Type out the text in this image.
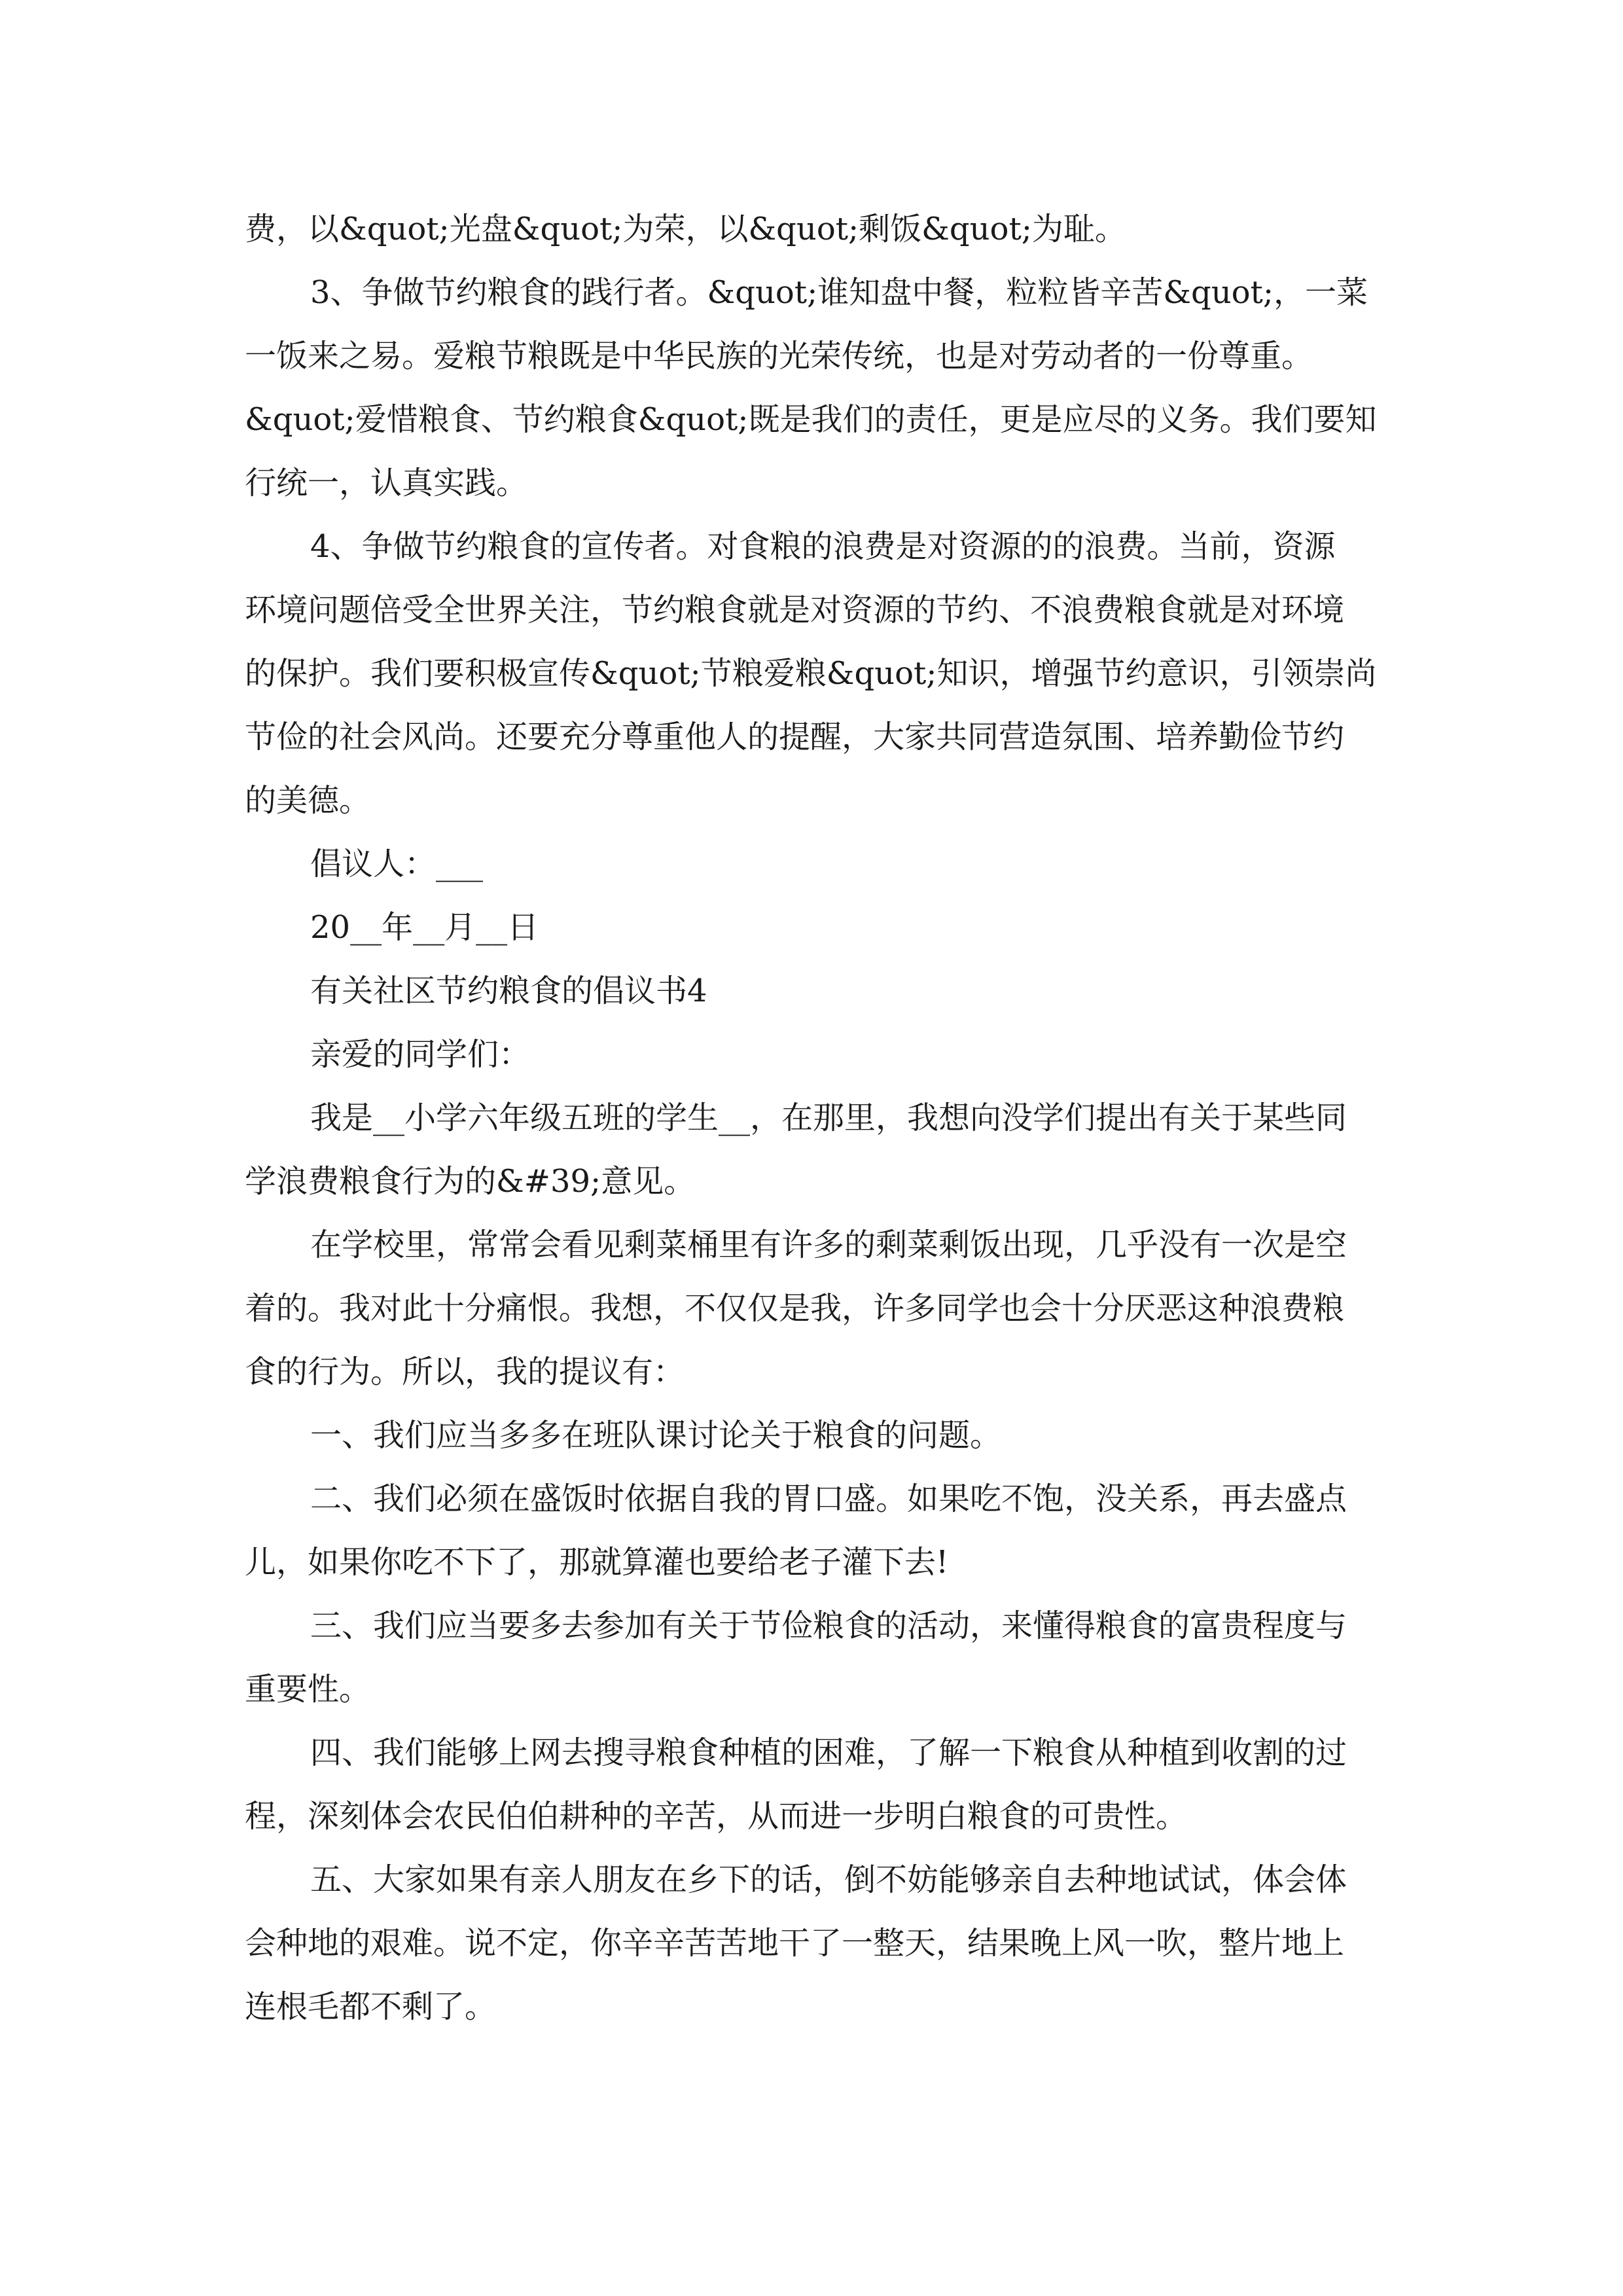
费，以&quot;光盘&quot;为荣，以&quot;剩饭&quot;为耻。
3、争做节约粮食的践行者。&quot;谁知盘中餐，粒粒皆辛苦&quot;，一菜
一饭来之易。爱粮节粮既是中华民族的光荣传统，也是对劳动者的一份尊重。
&quot;爱惜粮食、节约粮食&quot;既是我们的责任，更是应尽的义务。我们要知
行统一，认真实践。
4、争做节约粮食的宣传者。对食粮的浪费是对资源的的浪费。当前，资源
环境问题倍受全世界关注，节约粮食就是对资源的节约、不浪费粮食就是对环境
的保护。我们要积极宣传&quot;节粮爱粮&quot;知识，增强节约意识，引领崇尚
节俭的社会风尚。还要充分尊重他人的提醒，大家共同营造氛围、培养勤俭节约
的美德。
倡议人：___
20__年__月__日
有关社区节约粮食的倡议书4
亲爱的同学们：
我是__小学六年级五班的学生__，在那里，我想向没学们提出有关于某些同
学浪费粮食行为的&#39;意见。
在学校里，常常会看见剩菜桶里有许多的剩菜剩饭出现，几乎没有一次是空
着的。我对此十分痛恨。我想，不仅仅是我，许多同学也会十分厌恶这种浪费粮
食的行为。所以，我的提议有：
一、我们应当多多在班队课讨论关于粮食的问题。
二、我们必须在盛饭时依据自我的胃口盛。如果吃不饱，没关系，再去盛点
儿，如果你吃不下了，那就算灌也要给老子灌下去!
三、我们应当要多去参加有关于节俭粮食的活动，来懂得粮食的富贵程度与
重要性。
四、我们能够上网去搜寻粮食种植的困难，了解一下粮食从种植到收割的过
程，深刻体会农民伯伯耕种的辛苦，从而进一步明白粮食的可贵性。
五、大家如果有亲人朋友在乡下的话，倒不妨能够亲自去种地试试，体会体
会种地的艰难。说不定，你辛辛苦苦地干了一整天，结果晚上风一吹，整片地上
连根毛都不剩了。
